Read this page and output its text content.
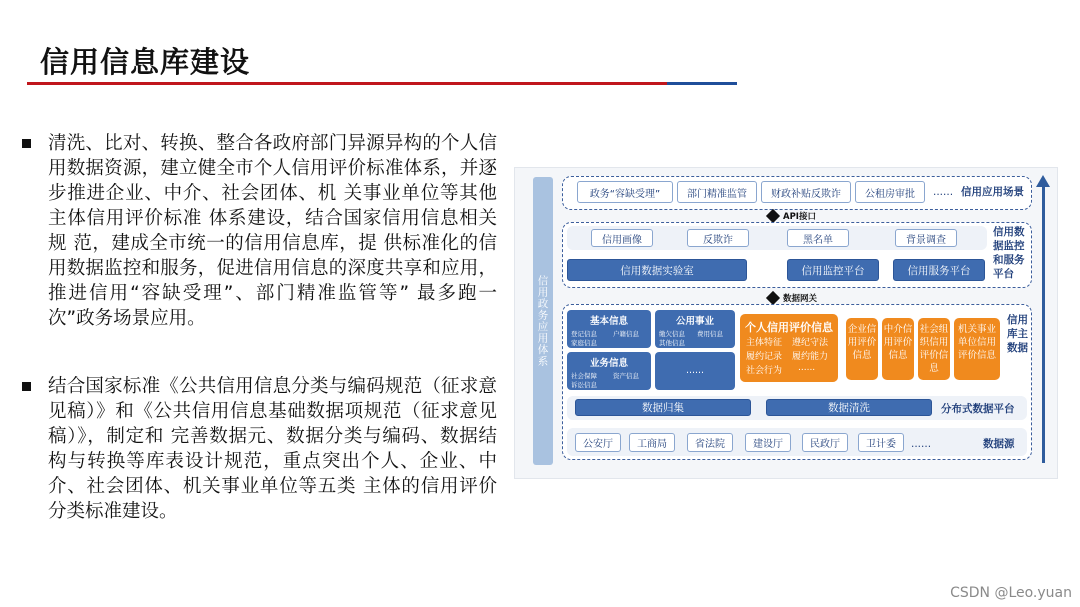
信用信息库建设
清洗、比对、转换、整合各政府部门异源异构的个人信用数据资源，建立健全市个人信用评价标准体系，并逐步推进企业、中介、社会团体、机 关事业单位等其他主体信用评价标准 体系建设，结合国家信用信息相关规 范，建成全市统一的信用信息库，提 供标准化的信用数据监控和服务，促进信用信息的深度共享和应用，推进信用“容缺受理”、部门精准监管等” 最多跑一次”政务场景应用。
结合国家标准《公共信用信息分类与编码规范（征求意见稿）》和《公共信用信息基础数据项规范（征求意见稿）》，制定和 完善数据元、数据分类与编码、数据结构与转换等库表设计规范，重点突出个人、企业、中介、社会团体、机关事业单位等五类 主体的信用评价分类标准建设。
信用政务应用体系
政务“容缺受理”	部门精准监管	财政补贴反欺诈	公租房审批	...... 信用应用场景
API接口
信用画像	反欺诈	黑名单	背景调查
信用数据实验室	信用监控平台	信用服务平台
信用数据监控和服务平台
数据网关
基本信息
登记信息 户籍信息
家庭信息
公用事业
缴欠信息 费用信息
其他信息
业务信息
社会保障 资产信息
诉讼信息
......
个人信用评价信息
主体特征 遵纪守法
履约记录 履约能力
社会行为 ......
企业信用评价信息
中介信用评价信息
社会组织信用评价信息
机关事业单位信用评价信息
信用库主数据
数据归集	数据清洗	分布式数据平台
公安厅	工商局	省法院	建设厅	民政厅	卫计委	......	数据源
CSDN @Leo.yuan
